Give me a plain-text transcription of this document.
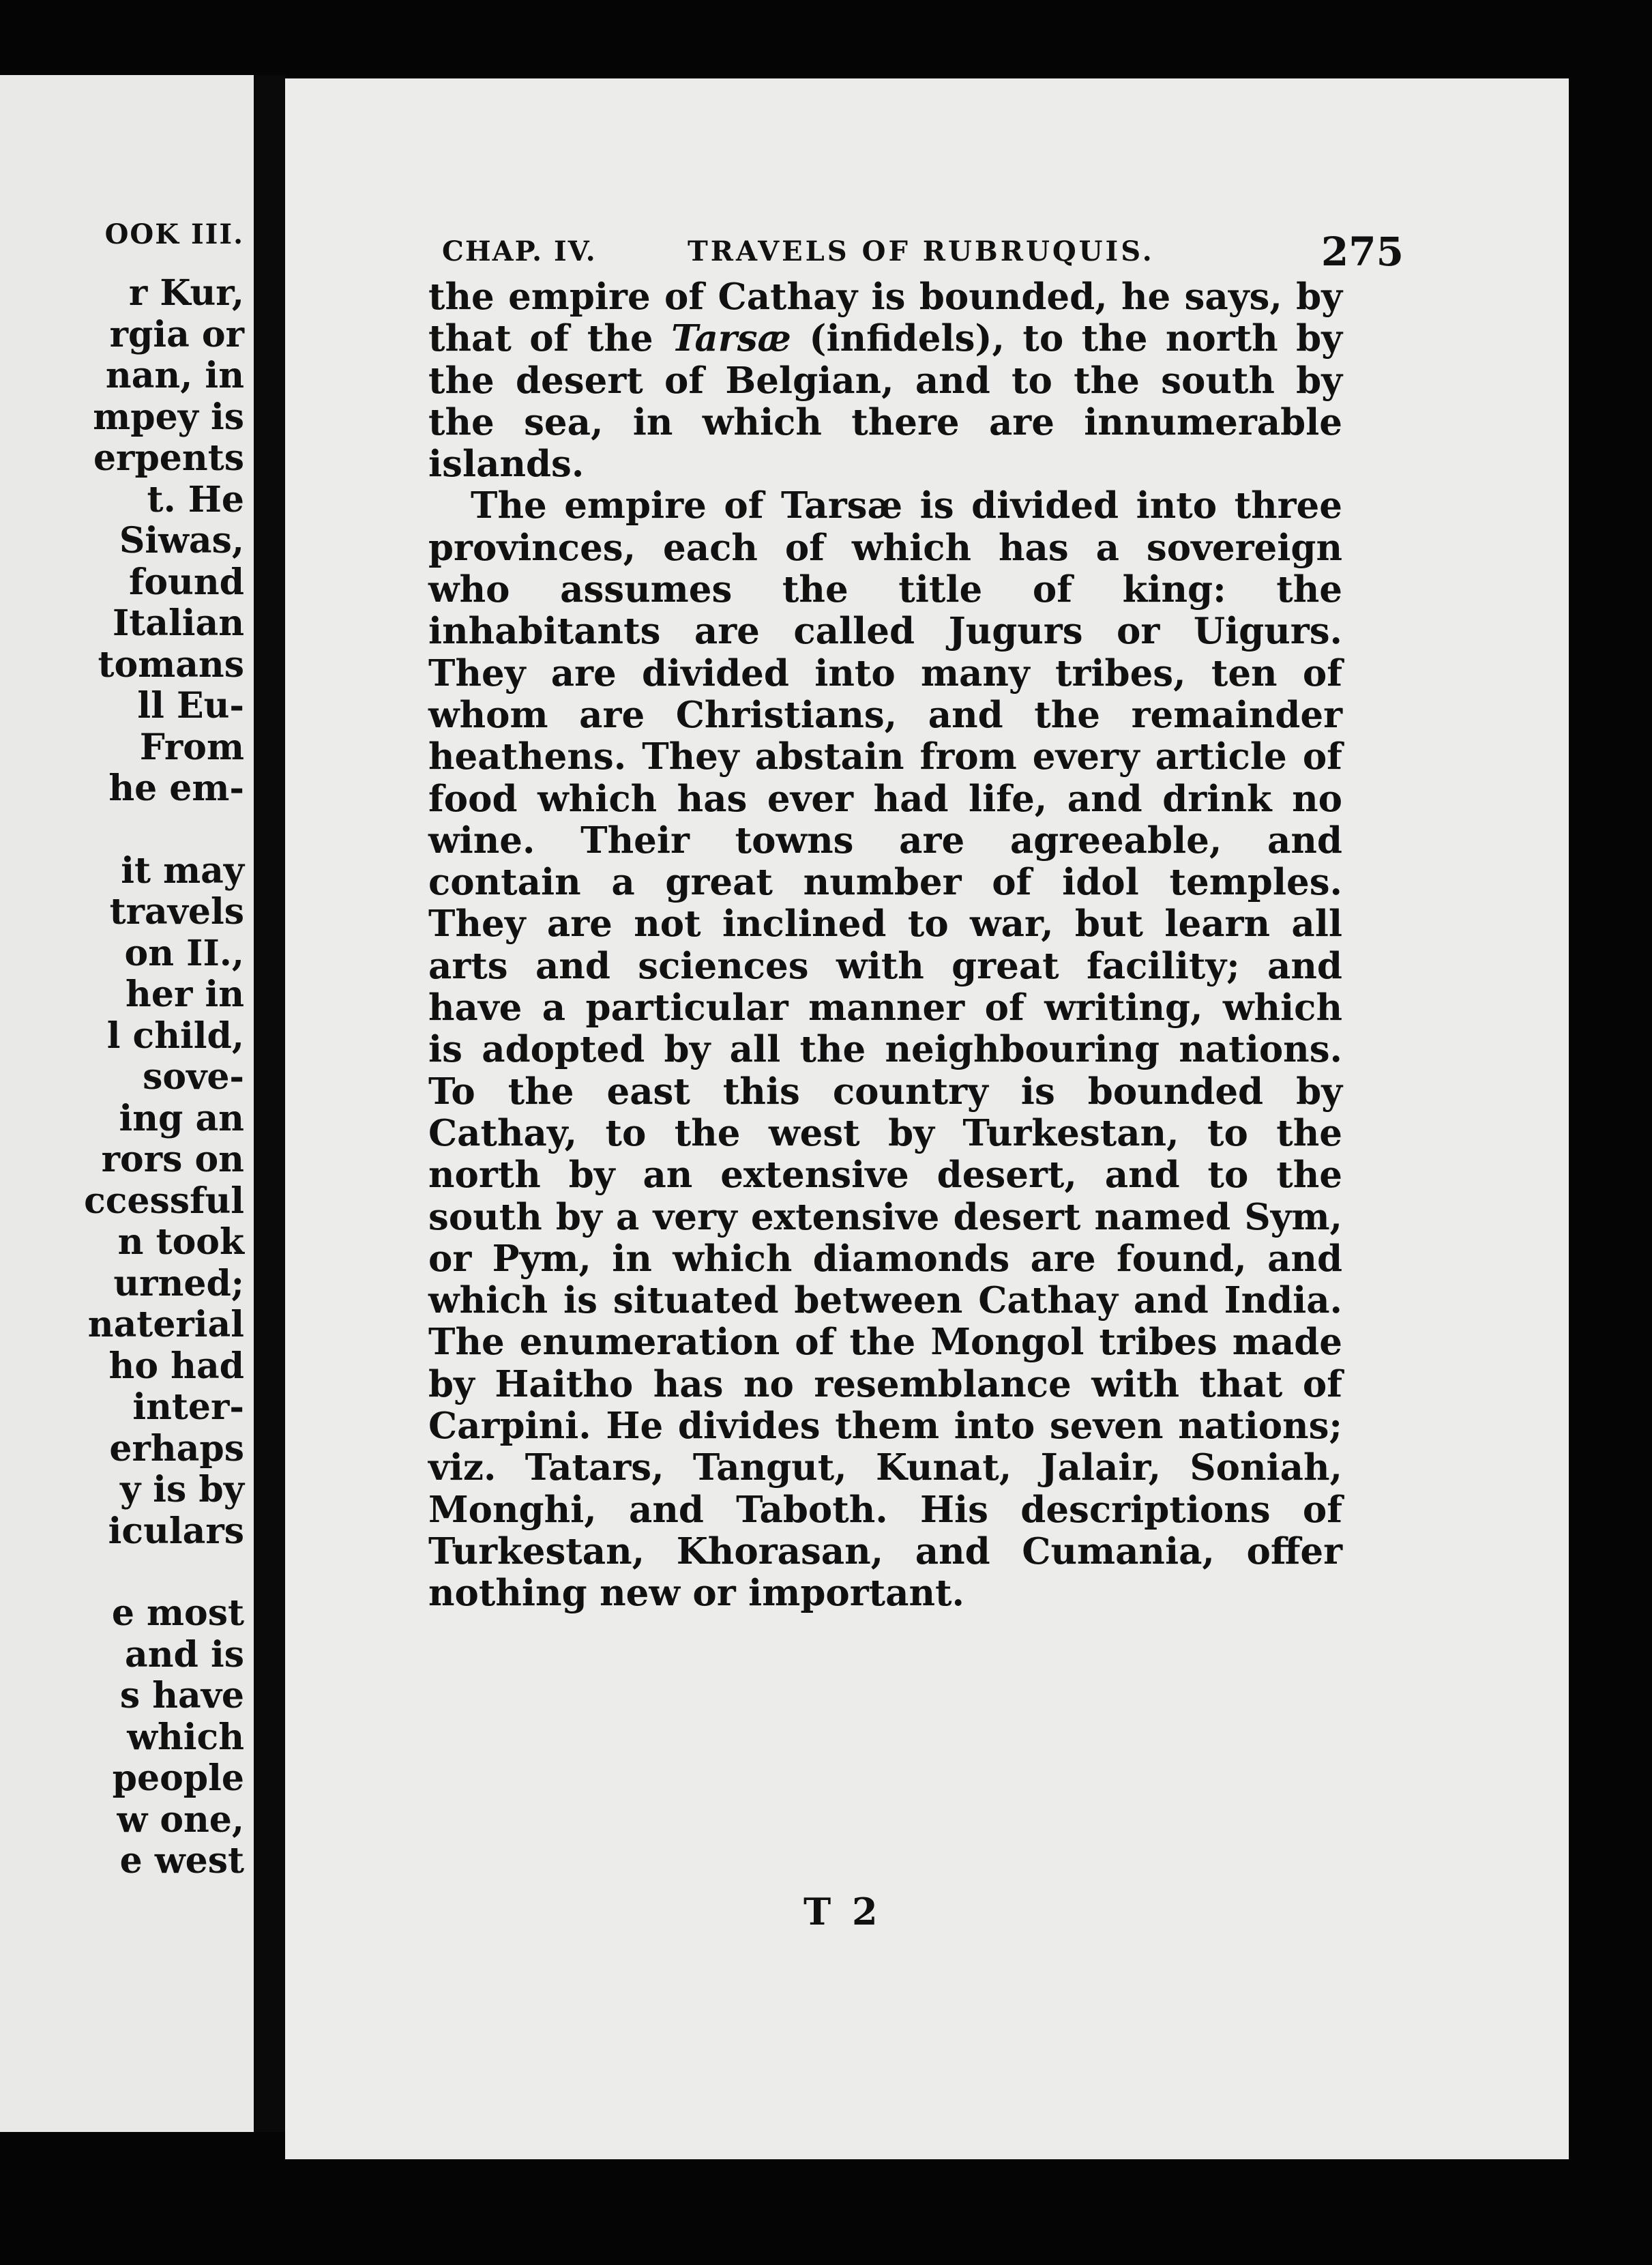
OOK III.
r Kur,
rgia or
nan, in
mpey is
erpents
t. He
Siwas,
found
Italian
tomans
ll Eu-
From
he em-
it may
travels
on II.,
her in
l child,
sove-
ing an
rors on
ccessful
n took
urned;
naterial
ho had
inter-
erhaps
y is by
iculars
e most
and is
s have
which
people
w one,
e west
CHAP. IV.	TRAVELS OF RUBRUQUIS.	275

the empire of Cathay is bounded, he says, by that of the Tarsæ (infidels), to the north by the desert of Belgian, and to the south by the sea, in which there are innumerable islands.

The empire of Tarsæ is divided into three provinces, each of which has a sovereign who assumes the title of king: the inhabitants are called Jugurs or Uigurs. They are divided into many tribes, ten of whom are Christians, and the remainder heathens. They abstain from every article of food which has ever had life, and drink no wine. Their towns are agreeable, and contain a great number of idol temples. They are not inclined to war, but learn all arts and sciences with great facility; and have a particular manner of writing, which is adopted by all the neighbouring nations. To the east this country is bounded by Cathay, to the west by Turkestan, to the north by an extensive desert, and to the south by a very extensive desert named Sym, or Pym, in which diamonds are found, and which is situated between Cathay and India. The enumeration of the Mongol tribes made by Haitho has no resemblance with that of Carpini. He divides them into seven nations; viz. Tatars, Tangut, Kunat, Jalair, Soniah, Monghi, and Taboth. His descriptions of Turkestan, Khorasan, and Cumania, offer nothing new or important.

T 2
